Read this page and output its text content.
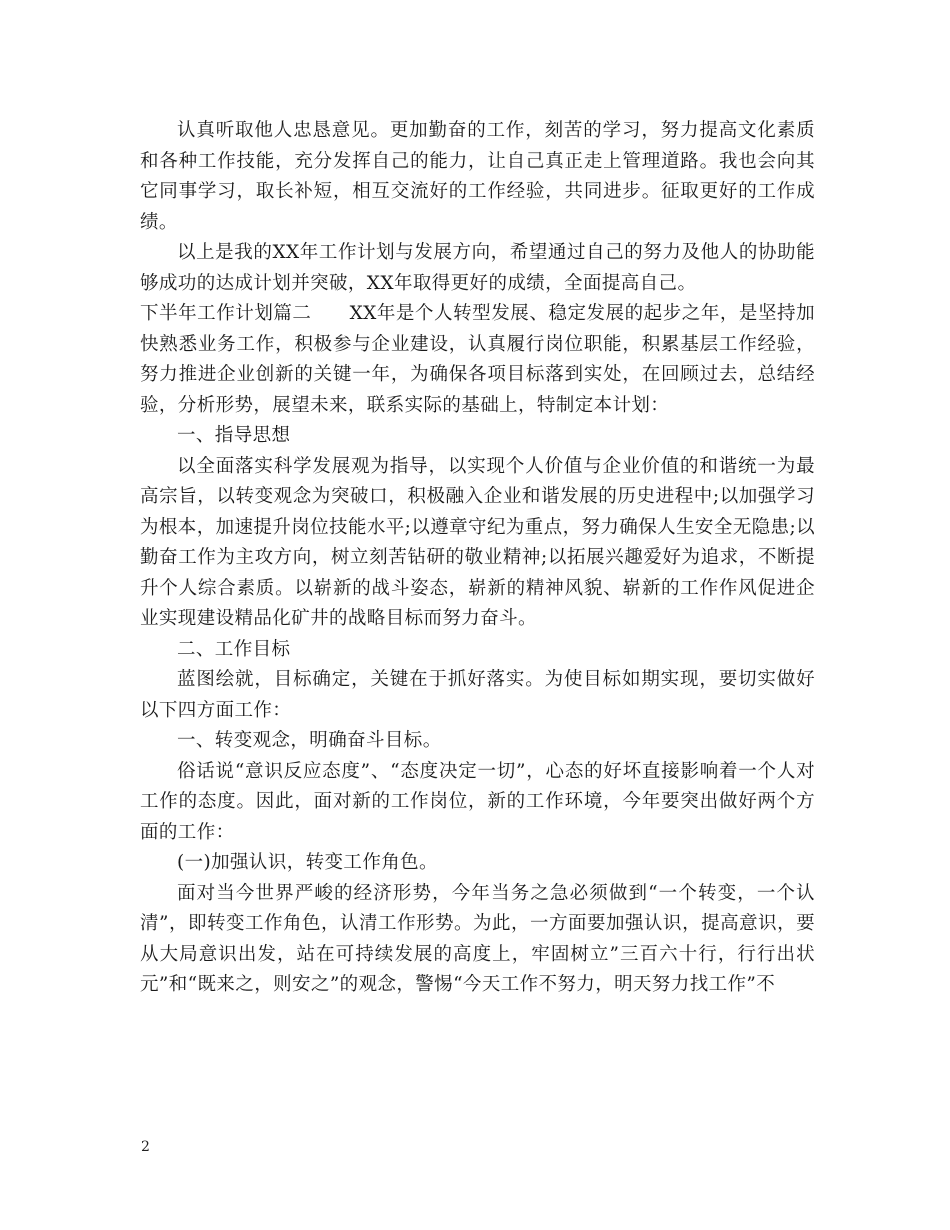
认真听取他人忠恳意见。更加勤奋的工作，刻苦的学习，努力提高文化素质和各种工作技能，充分发挥自己的能力，让自己真正走上管理道路。我也会向其它同事学习，取长补短，相互交流好的工作经验，共同进步。征取更好的工作成绩。

以上是我的XX年工作计划与发展方向，希望通过自己的努力及他人的协助能够成功的达成计划并突破，XX年取得更好的成绩，全面提高自己。

下半年工作计划篇二　　XX年是个人转型发展、稳定发展的起步之年，是坚持加快熟悉业务工作，积极参与企业建设，认真履行岗位职能，积累基层工作经验，努力推进企业创新的关键一年，为确保各项目标落到实处，在回顾过去，总结经验，分析形势，展望未来，联系实际的基础上，特制定本计划：

一、指导思想

以全面落实科学发展观为指导，以实现个人价值与企业价值的和谐统一为最高宗旨，以转变观念为突破口，积极融入企业和谐发展的历史进程中;以加强学习为根本，加速提升岗位技能水平;以遵章守纪为重点，努力确保人生安全无隐患;以勤奋工作为主攻方向，树立刻苦钻研的敬业精神;以拓展兴趣爱好为追求，不断提升个人综合素质。以崭新的战斗姿态，崭新的精神风貌、崭新的工作作风促进企业实现建设精品化矿井的战略目标而努力奋斗。

二、工作目标

蓝图绘就，目标确定，关键在于抓好落实。为使目标如期实现，要切实做好以下四方面工作：

一、转变观念，明确奋斗目标。

俗话说“意识反应态度”、“态度决定一切”，心态的好坏直接影响着一个人对工作的态度。因此，面对新的工作岗位，新的工作环境，今年要突出做好两个方面的工作：

(一)加强认识，转变工作角色。

面对当今世界严峻的经济形势，今年当务之急必须做到“一个转变，一个认清”，即转变工作角色，认清工作形势。为此，一方面要加强认识，提高意识，要从大局意识出发，站在可持续发展的高度上，牢固树立”三百六十行，行行出状元”和“既来之，则安之”的观念，警惕“今天工作不努力，明天努力找工作”不

2
